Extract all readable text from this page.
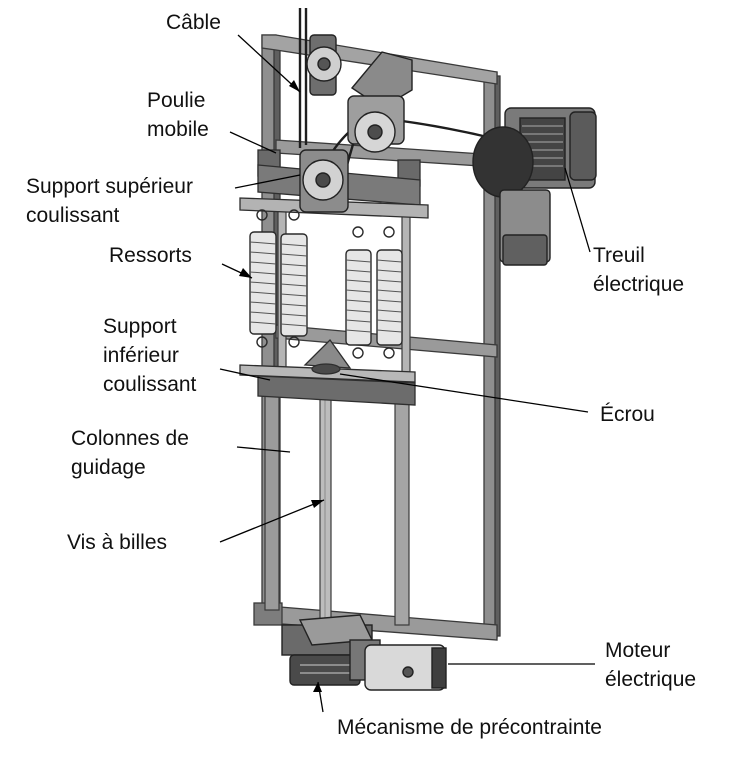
Câble
Poulie
mobile
Support supérieur
coulissant
Ressorts
Support
inférieur
coulissant
Colonnes de
guidage
Vis à billes
Treuil
électrique
Écrou
Moteur
électrique
Mécanisme de précontrainte
